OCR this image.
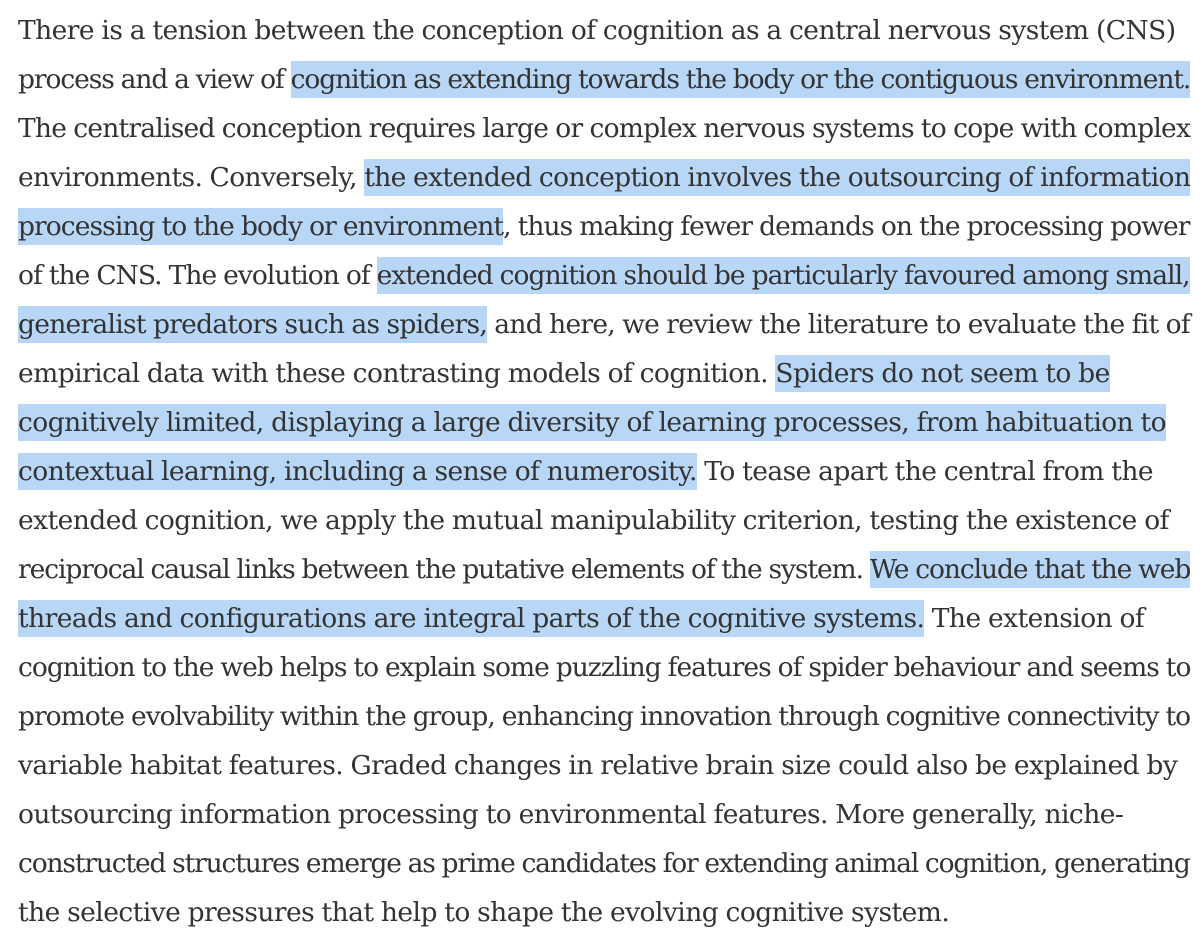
There is a tension between the conception of cognition as a central nervous system (CNS)
process and a view of cognition as extending towards the body or the contiguous environment.
The centralised conception requires large or complex nervous systems to cope with complex
environments. Conversely, the extended conception involves the outsourcing of information
processing to the body or environment, thus making fewer demands on the processing power
of the CNS. The evolution of extended cognition should be particularly favoured among small,
generalist predators such as spiders, and here, we review the literature to evaluate the fit of
empirical data with these contrasting models of cognition. Spiders do not seem to be
cognitively limited, displaying a large diversity of learning processes, from habituation to
contextual learning, including a sense of numerosity. To tease apart the central from the
extended cognition, we apply the mutual manipulability criterion, testing the existence of
reciprocal causal links between the putative elements of the system. We conclude that the web
threads and configurations are integral parts of the cognitive systems. The extension of
cognition to the web helps to explain some puzzling features of spider behaviour and seems to
promote evolvability within the group, enhancing innovation through cognitive connectivity to
variable habitat features. Graded changes in relative brain size could also be explained by
outsourcing information processing to environmental features. More generally, niche-
constructed structures emerge as prime candidates for extending animal cognition, generating
the selective pressures that help to shape the evolving cognitive system.
